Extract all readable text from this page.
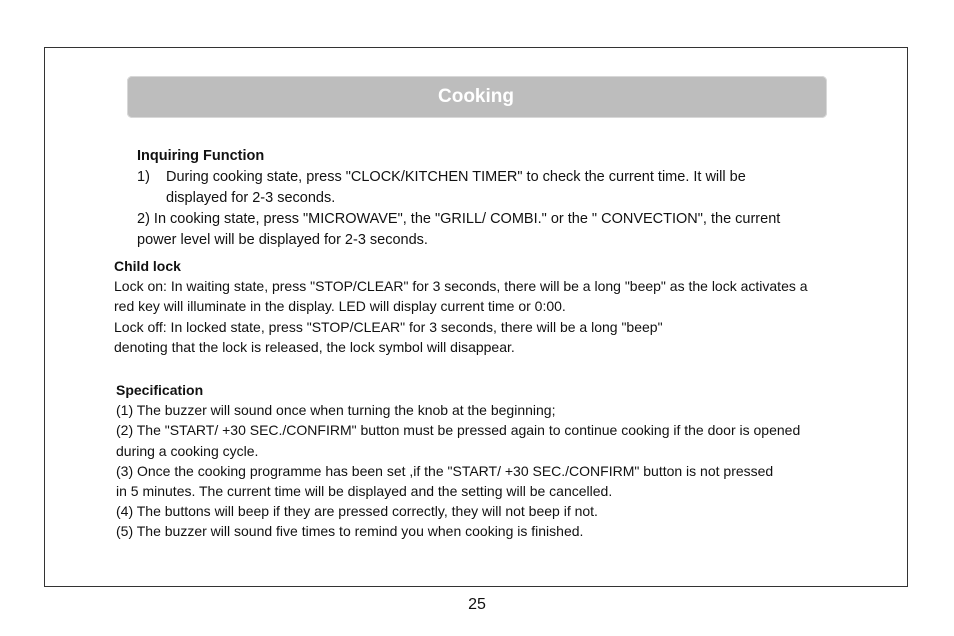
Cooking
Inquiring Function
1) During cooking state, press "CLOCK/KITCHEN TIMER" to check the current time. It will be
displayed for 2-3 seconds.
2) In cooking state, press "MICROWAVE", the "GRILL/ COMBI." or the " CONVECTION", the current
power level will be displayed for 2-3 seconds.
Child lock
Lock on: In waiting state, press "STOP/CLEAR" for 3 seconds, there will be a long "beep" as the lock activates a
red key will illuminate in the display. LED will display current time or 0:00.
Lock off: In locked state, press "STOP/CLEAR" for 3 seconds, there will be a long "beep"
denoting that the lock is released, the lock symbol will disappear.
Specification
(1) The buzzer will sound once when turning the knob at the beginning;
(2) The "START/ +30 SEC./CONFIRM" button must be pressed again to continue cooking if the door is opened
during a cooking cycle.
(3) Once the cooking programme has been set ,if the "START/ +30 SEC./CONFIRM" button is not pressed
in 5 minutes. The current time will be displayed and the setting will be cancelled.
(4) The buttons will beep if they are pressed correctly, they will not beep if not.
(5) The buzzer will sound five times to remind you when cooking is finished.
25
